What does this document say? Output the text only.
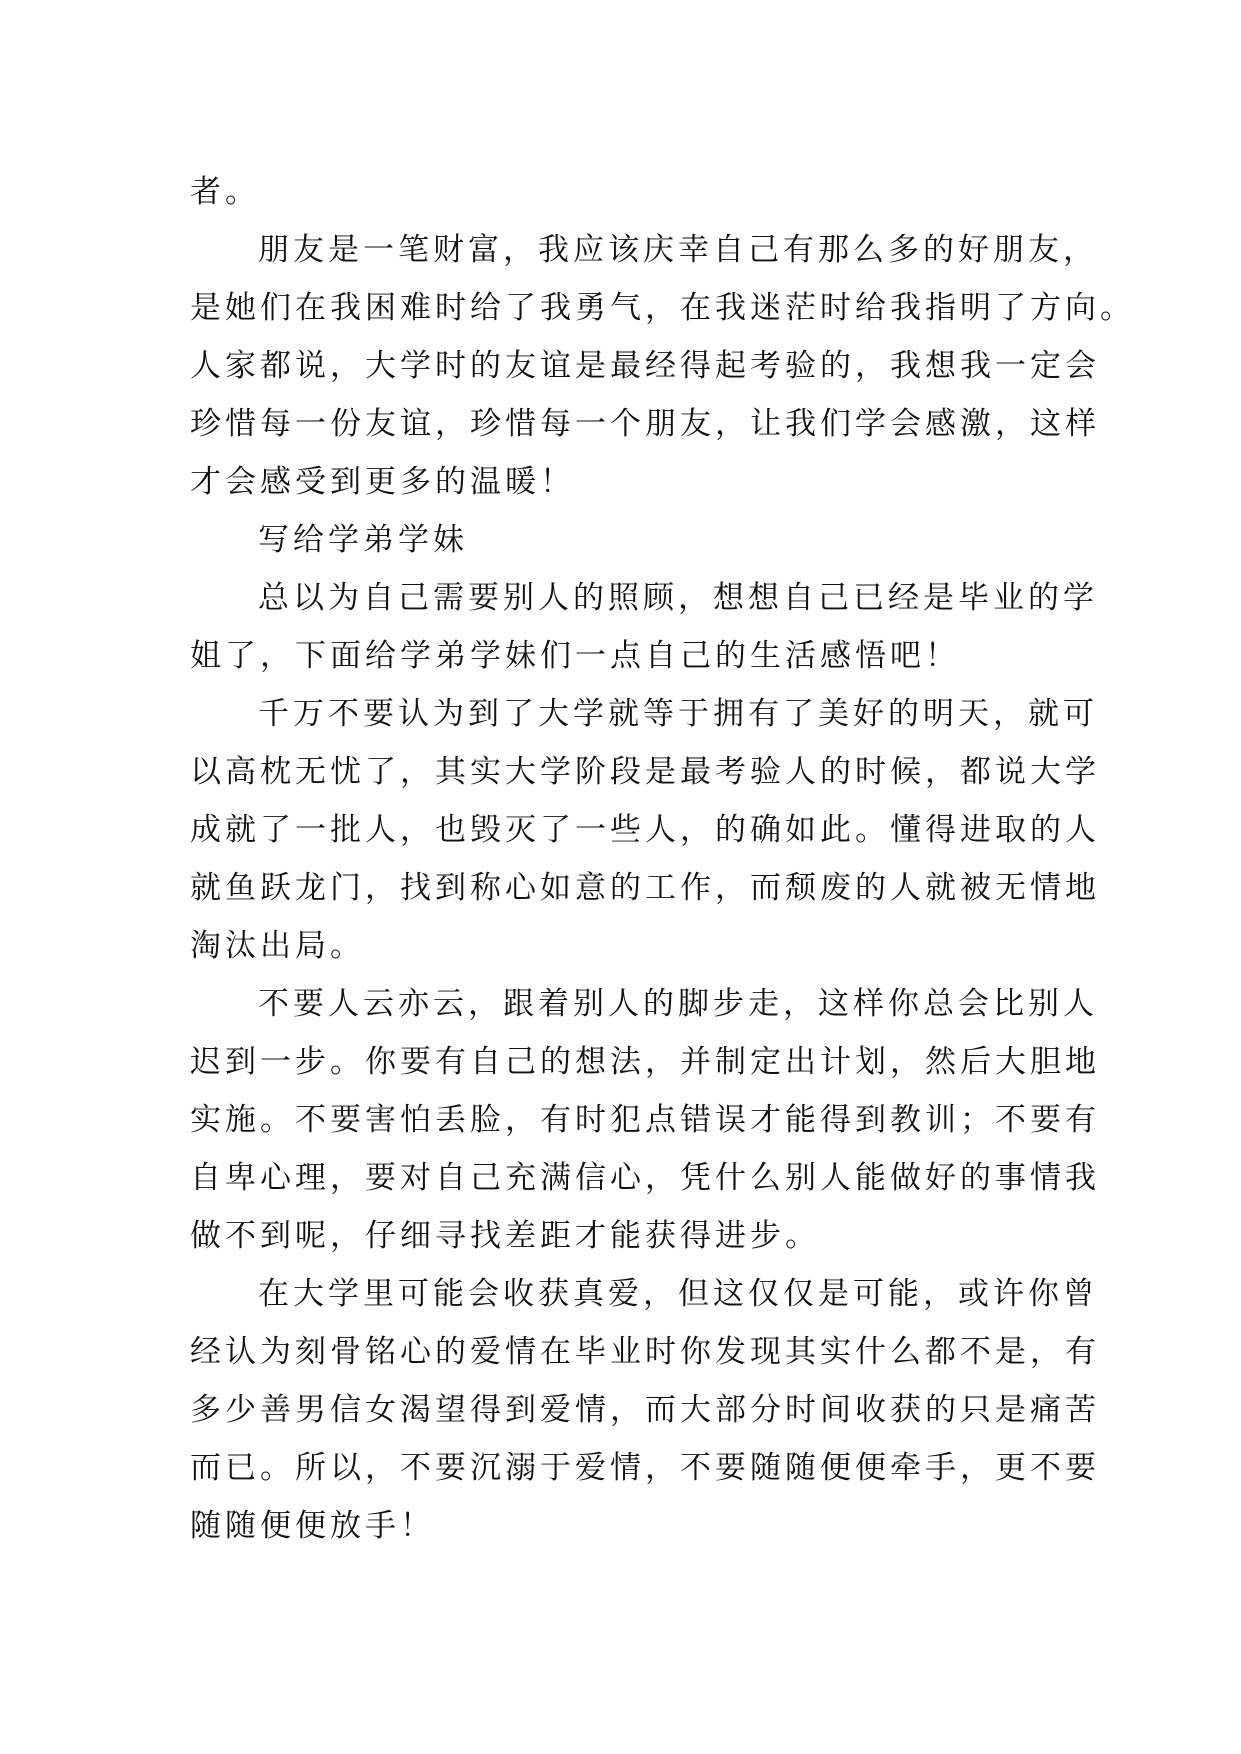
者。
朋友是一笔财富，我应该庆幸自己有那么多的好朋友，
是她们在我困难时给了我勇气，在我迷茫时给我指明了方向。
人家都说，大学时的友谊是最经得起考验的，我想我一定会
珍惜每一份友谊，珍惜每一个朋友，让我们学会感激，这样
才会感受到更多的温暖！
写给学弟学妹
总以为自己需要别人的照顾，想想自己已经是毕业的学
姐了，下面给学弟学妹们一点自己的生活感悟吧！
千万不要认为到了大学就等于拥有了美好的明天，就可
以高枕无忧了，其实大学阶段是最考验人的时候，都说大学
成就了一批人，也毁灭了一些人，的确如此。懂得进取的人
就鱼跃龙门，找到称心如意的工作，而颓废的人就被无情地
淘汰出局。
不要人云亦云，跟着别人的脚步走，这样你总会比别人
迟到一步。你要有自己的想法，并制定出计划，然后大胆地
实施。不要害怕丢脸，有时犯点错误才能得到教训；不要有
自卑心理，要对自己充满信心，凭什么别人能做好的事情我
做不到呢，仔细寻找差距才能获得进步。
在大学里可能会收获真爱，但这仅仅是可能，或许你曾
经认为刻骨铭心的爱情在毕业时你发现其实什么都不是，有
多少善男信女渴望得到爱情，而大部分时间收获的只是痛苦
而已。所以，不要沉溺于爱情，不要随随便便牵手，更不要
随随便便放手！
